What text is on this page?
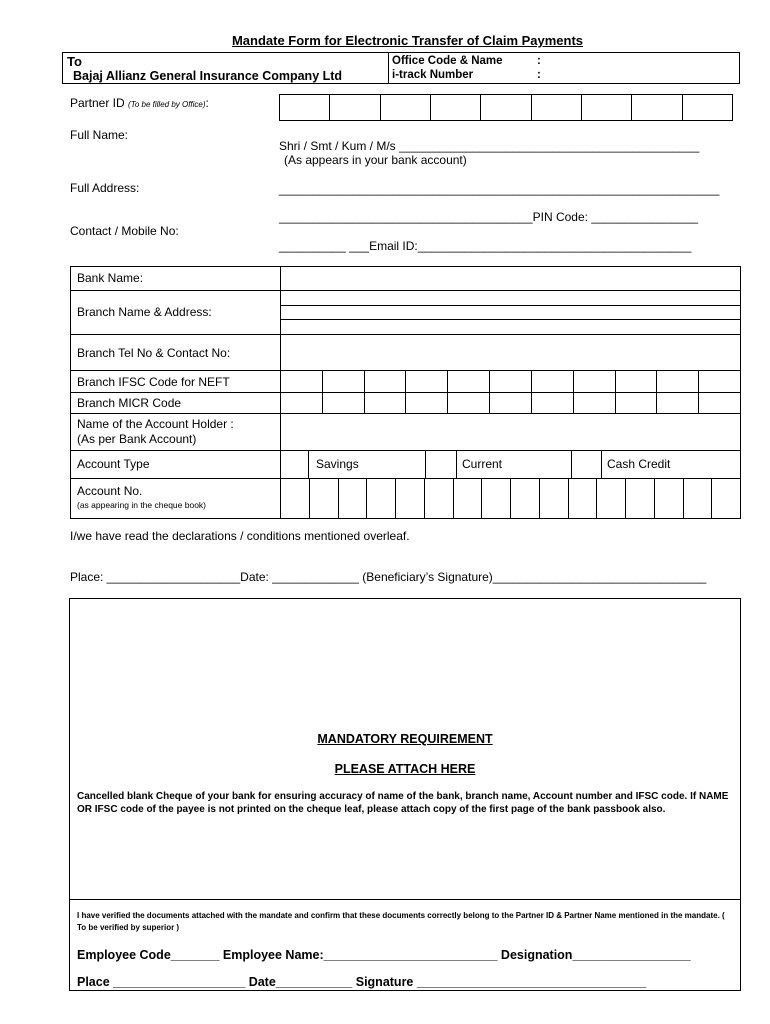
Mandate Form for Electronic Transfer of Claim Payments
To
Bajaj Allianz General Insurance Company Ltd
Office Code & Name	:
i-track Number	:
Partner ID (To be filled by Office):
Full Name:
Shri / Smt / Kum / M/s _____________________________________________
(As appears in your bank account)
Full Address:	__________________________________________________________________
______________________________________PIN Code: ________________
Contact / Mobile No:
__________ ___Email ID:_________________________________________
Bank Name:
Branch Name & Address:
Branch Tel No & Contact No:
Branch IFSC Code for NEFT
Branch MICR Code
Name of the Account Holder :
(As per Bank Account)
Account Type	Savings	Current	Cash Credit
Account No.
(as appearing in the cheque book)
I/we have read the declarations / conditions mentioned overleaf.
Place: ____________________Date: _____________ (Beneficiary’s Signature)________________________________
MANDATORY REQUIREMENT
PLEASE ATTACH HERE
Cancelled blank Cheque of your bank for ensuring accuracy of name of the bank, branch name, Account number and IFSC code. If NAME OR IFSC code of the payee is not printed on the cheque leaf, please attach copy of the first page of the bank passbook also.
I have verified the documents attached with the mandate and confirm that these documents correctly belong to the Partner ID & Partner Name mentioned in the mandate. ( To be verified by superior )
Employee Code_______ Employee Name:_________________________ Designation_________________
Place ___________________ Date___________ Signature _________________________________
